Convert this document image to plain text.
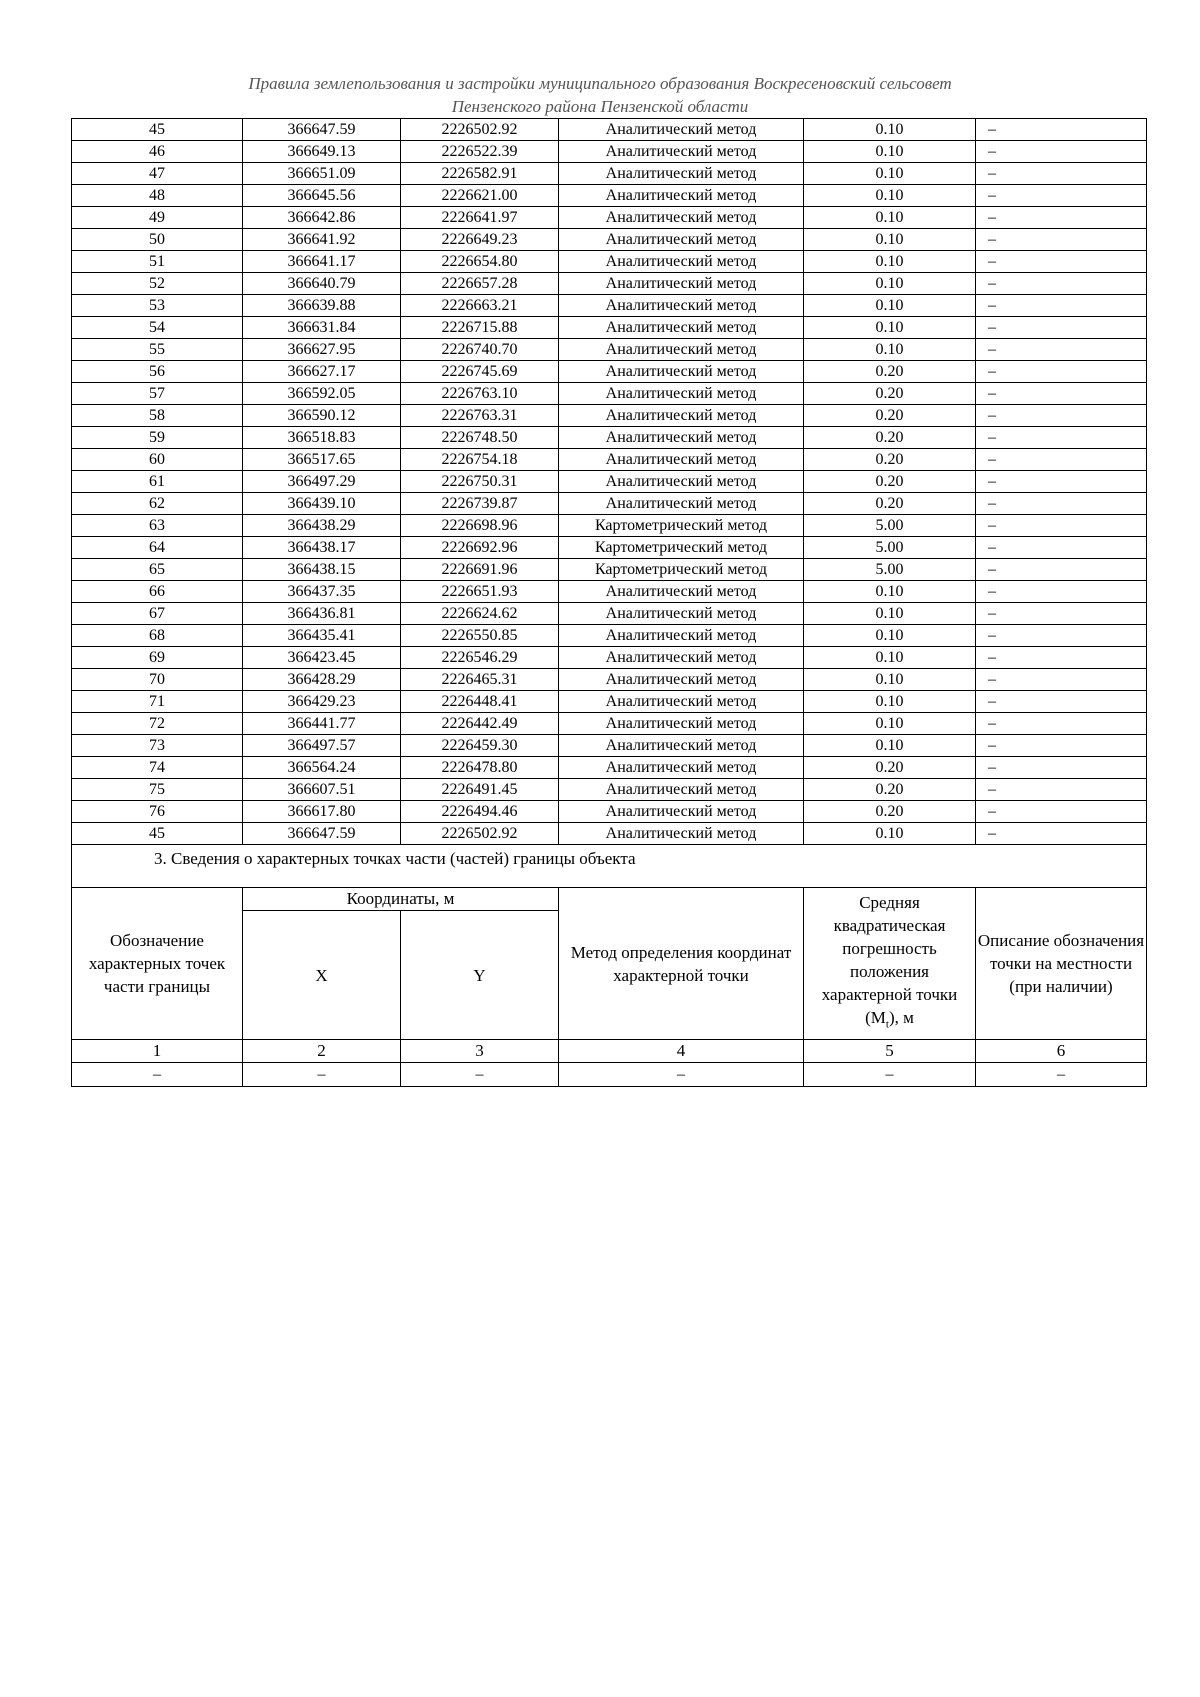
Правила землепользования и застройки муниципального образования Воскресеновский сельсовет
Пензенского района Пензенской области
45	366647.59	2226502.92	Аналитический метод	0.10	–
46	366649.13	2226522.39	Аналитический метод	0.10	–
47	366651.09	2226582.91	Аналитический метод	0.10	–
48	366645.56	2226621.00	Аналитический метод	0.10	–
49	366642.86	2226641.97	Аналитический метод	0.10	–
50	366641.92	2226649.23	Аналитический метод	0.10	–
51	366641.17	2226654.80	Аналитический метод	0.10	–
52	366640.79	2226657.28	Аналитический метод	0.10	–
53	366639.88	2226663.21	Аналитический метод	0.10	–
54	366631.84	2226715.88	Аналитический метод	0.10	–
55	366627.95	2226740.70	Аналитический метод	0.10	–
56	366627.17	2226745.69	Аналитический метод	0.20	–
57	366592.05	2226763.10	Аналитический метод	0.20	–
58	366590.12	2226763.31	Аналитический метод	0.20	–
59	366518.83	2226748.50	Аналитический метод	0.20	–
60	366517.65	2226754.18	Аналитический метод	0.20	–
61	366497.29	2226750.31	Аналитический метод	0.20	–
62	366439.10	2226739.87	Аналитический метод	0.20	–
63	366438.29	2226698.96	Картометрический метод	5.00	–
64	366438.17	2226692.96	Картометрический метод	5.00	–
65	366438.15	2226691.96	Картометрический метод	5.00	–
66	366437.35	2226651.93	Аналитический метод	0.10	–
67	366436.81	2226624.62	Аналитический метод	0.10	–
68	366435.41	2226550.85	Аналитический метод	0.10	–
69	366423.45	2226546.29	Аналитический метод	0.10	–
70	366428.29	2226465.31	Аналитический метод	0.10	–
71	366429.23	2226448.41	Аналитический метод	0.10	–
72	366441.77	2226442.49	Аналитический метод	0.10	–
73	366497.57	2226459.30	Аналитический метод	0.10	–
74	366564.24	2226478.80	Аналитический метод	0.20	–
75	366607.51	2226491.45	Аналитический метод	0.20	–
76	366617.80	2226494.46	Аналитический метод	0.20	–
45	366647.59	2226502.92	Аналитический метод	0.10	–
3. Сведения о характерных точках части (частей) границы объекта					
Обозначение характерных точек части границы	Координаты, м		Метод определения координат характерной точки	Средняя квадратическая погрешность положения характерной точки $(M_t)$, м	Описание обозначения точки на местности (при наличии)
	X	Y			
1	2	3	4	5	6
–	–	–	–	–	–
